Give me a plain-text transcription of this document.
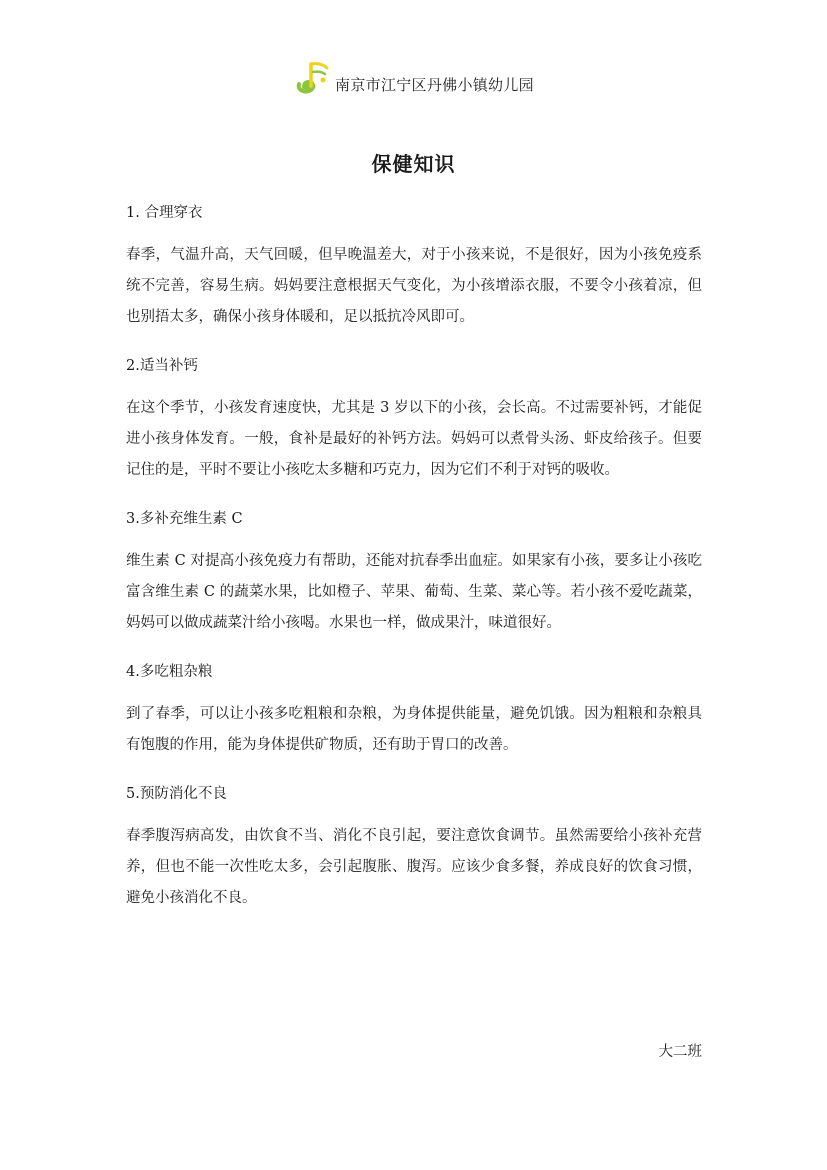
南京市江宁区丹佛小镇幼儿园
保健知识

1. 合理穿衣

春季，气温升高，天气回暖，但早晚温差大，对于小孩来说，不是很好，因为小孩免疫系统不完善，容易生病。妈妈要注意根据天气变化，为小孩增添衣服，不要令小孩着凉，但也别捂太多，确保小孩身体暖和，足以抵抗冷风即可。

2.适当补钙

在这个季节，小孩发育速度快，尤其是 3 岁以下的小孩，会长高。不过需要补钙，才能促进小孩身体发育。一般，食补是最好的补钙方法。妈妈可以煮骨头汤、虾皮给孩子。但要记住的是，平时不要让小孩吃太多糖和巧克力，因为它们不利于对钙的吸收。

3.多补充维生素 C

维生素 C 对提高小孩免疫力有帮助，还能对抗春季出血症。如果家有小孩，要多让小孩吃富含维生素 C 的蔬菜水果，比如橙子、苹果、葡萄、生菜、菜心等。若小孩不爱吃蔬菜，妈妈可以做成蔬菜汁给小孩喝。水果也一样，做成果汁，味道很好。

4.多吃粗杂粮

到了春季，可以让小孩多吃粗粮和杂粮，为身体提供能量，避免饥饿。因为粗粮和杂粮具有饱腹的作用，能为身体提供矿物质，还有助于胃口的改善。

5.预防消化不良

春季腹泻病高发，由饮食不当、消化不良引起，要注意饮食调节。虽然需要给小孩补充营养，但也不能一次性吃太多，会引起腹胀、腹泻。应该少食多餐，养成良好的饮食习惯，避免小孩消化不良。

大二班
